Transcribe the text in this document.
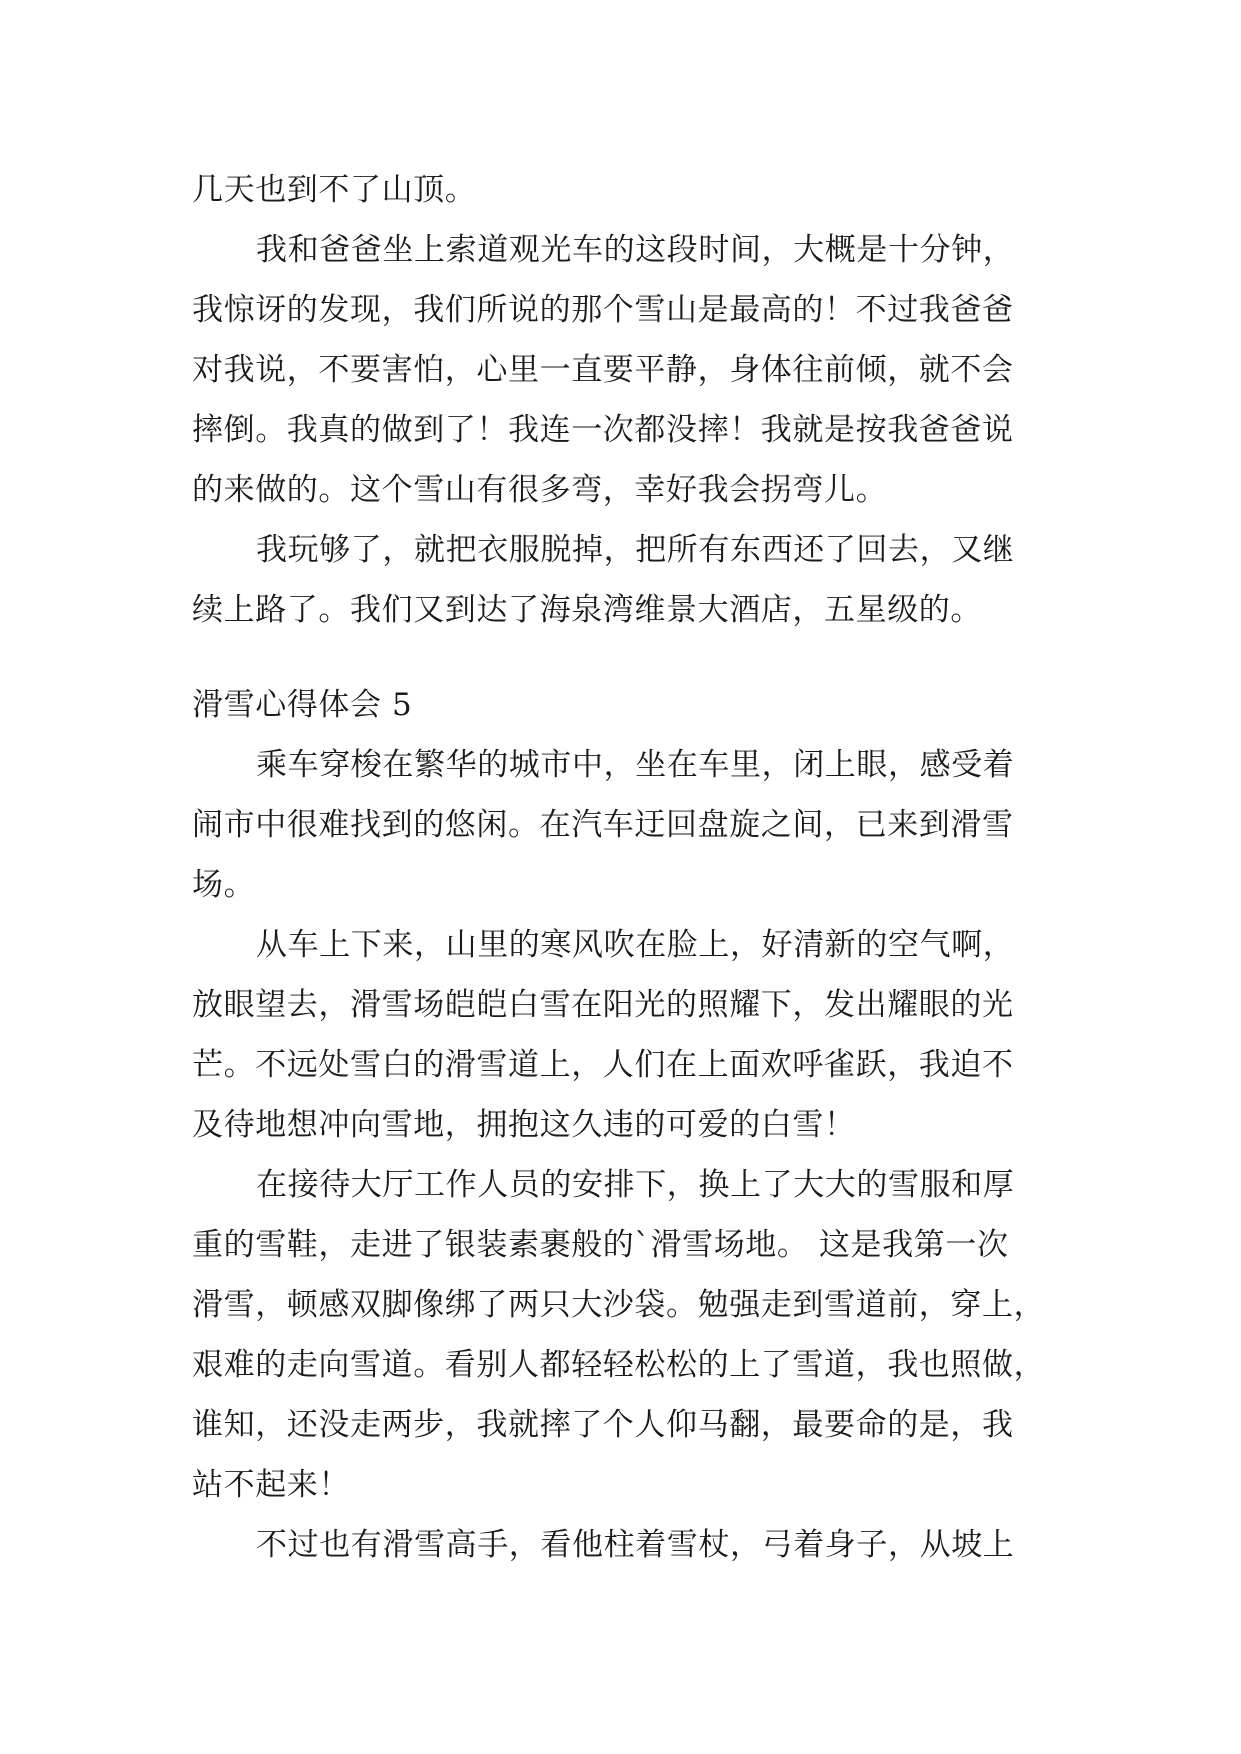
几天也到不了山顶。
我和爸爸坐上索道观光车的这段时间，大概是十分钟，
我惊讶的发现，我们所说的那个雪山是最高的！不过我爸爸
对我说，不要害怕，心里一直要平静，身体往前倾，就不会
摔倒。我真的做到了！我连一次都没摔！我就是按我爸爸说
的来做的。这个雪山有很多弯，幸好我会拐弯儿。
我玩够了，就把衣服脱掉，把所有东西还了回去，又继
续上路了。我们又到达了海泉湾维景大酒店，五星级的。
滑雪心得体会 5
乘车穿梭在繁华的城市中，坐在车里，闭上眼，感受着
闹市中很难找到的悠闲。在汽车迂回盘旋之间，已来到滑雪
场。
从车上下来，山里的寒风吹在脸上，好清新的空气啊，
放眼望去，滑雪场皑皑白雪在阳光的照耀下，发出耀眼的光
芒。不远处雪白的滑雪道上，人们在上面欢呼雀跃，我迫不
及待地想冲向雪地，拥抱这久违的可爱的白雪！
在接待大厅工作人员的安排下，换上了大大的雪服和厚
重的雪鞋，走进了银装素裹般的`滑雪场地。 这是我第一次
滑雪，顿感双脚像绑了两只大沙袋。勉强走到雪道前，穿上，
艰难的走向雪道。看别人都轻轻松松的上了雪道，我也照做，
谁知，还没走两步，我就摔了个人仰马翻，最要命的是，我
站不起来！
不过也有滑雪高手，看他柱着雪杖，弓着身子，从坡上
